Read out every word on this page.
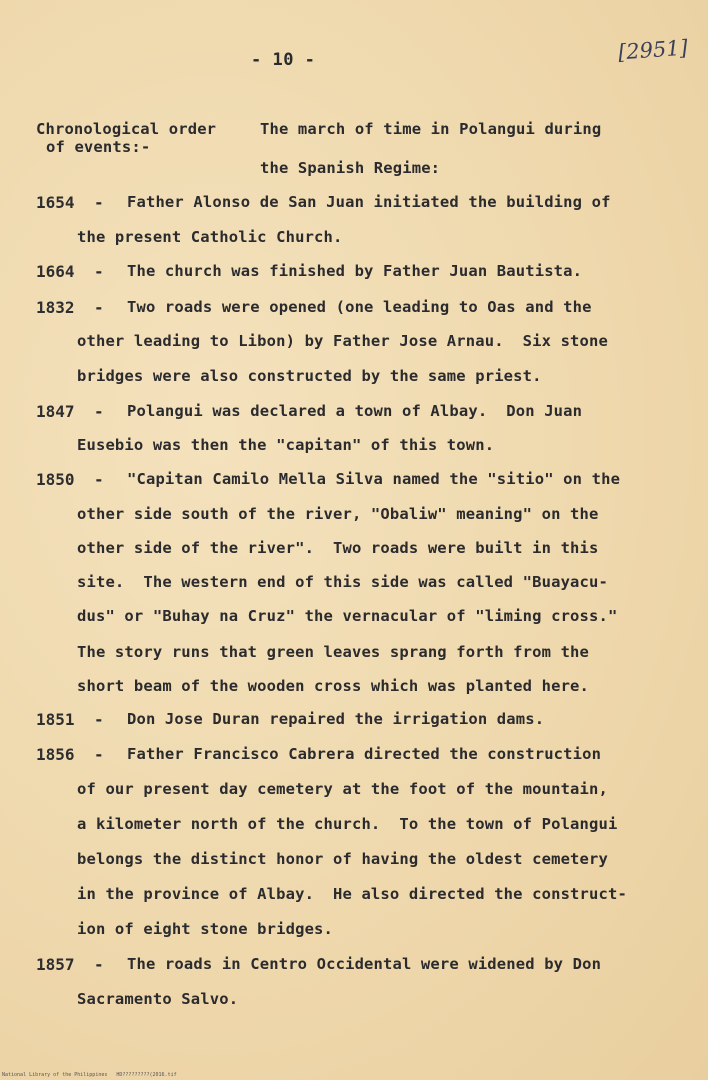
- 10 -	[2951]
Chronological order
of events:-
The march of time in Polangui during
the Spanish Regime:
1654 - Father Alonso de San Juan initiated the building of
the present Catholic Church.
1664 - The church was finished by Father Juan Bautista.
1832 - Two roads were opened (one leading to Oas and the
other leading to Libon) by Father Jose Arnau.  Six stone
bridges were also constructed by the same priest.
1847 - Polangui was declared a town of Albay.  Don Juan
Eusebio was then the "capitan" of this town.
1850 - "Capitan Camilo Mella Silva named the "sitio" on the
other side south of the river, "Obaliw" meaning" on the
other side of the river".  Two roads were built in this
site.  The western end of this side was called "Buayacu-
dus" or "Buhay na Cruz" the vernacular of "liming cross."
The story runs that green leaves sprang forth from the
short beam of the wooden cross which was planted here.
1851 - Don Jose Duran repaired the irrigation dams.
1856 - Father Francisco Cabrera directed the construction
of our present day cemetery at the foot of the mountain,
a kilometer north of the church.  To the town of Polangui
belongs the distinct honor of having the oldest cemetery
in the province of Albay.  He also directed the construct-
ion of eight stone bridges.
1857 - The roads in Centro Occidental were widened by Don
Sacramento Salvo.
National Library of the Philippines   HD?????????(2016.tif
